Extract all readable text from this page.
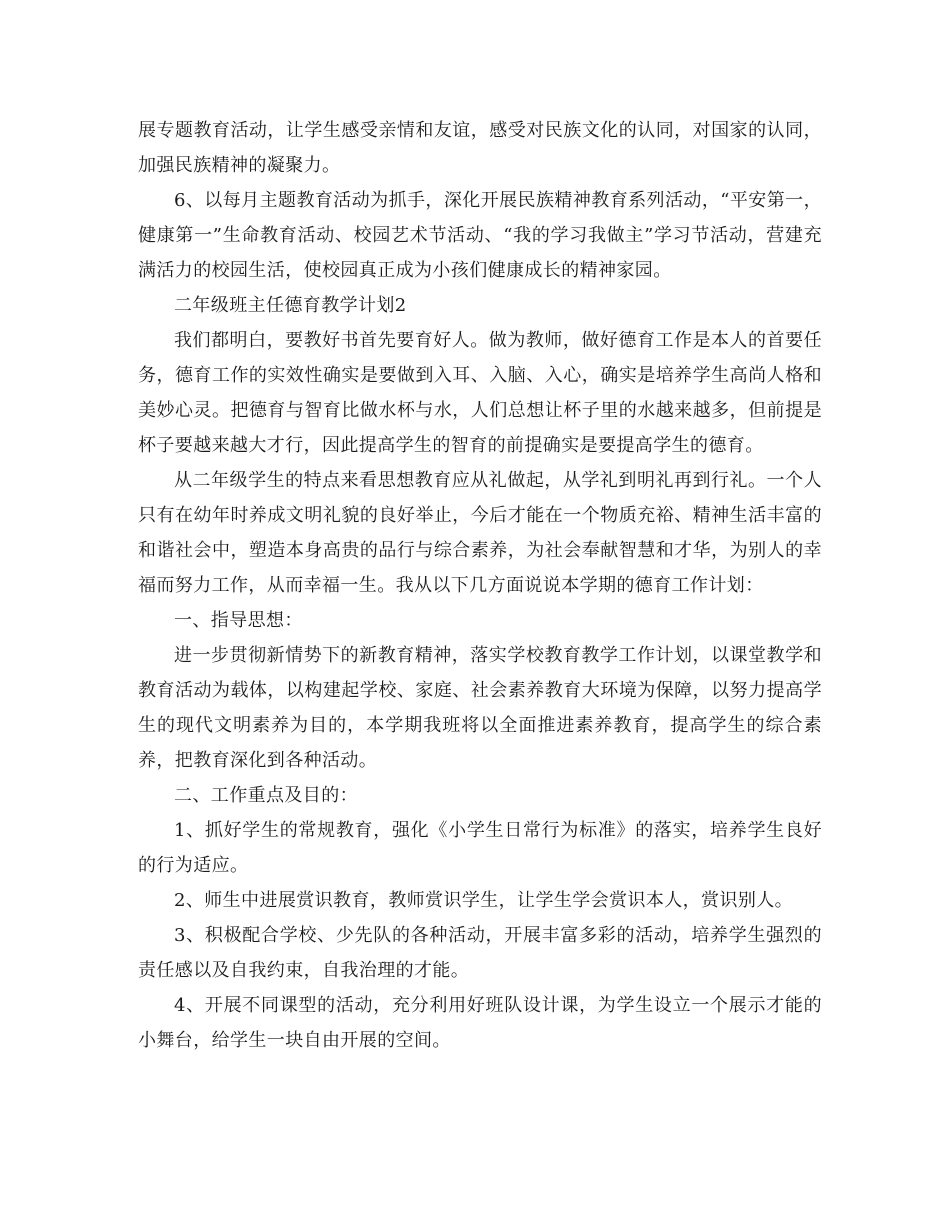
展专题教育活动，让学生感受亲情和友谊，感受对民族文化的认同，对国家的认同，加强民族精神的凝聚力。

6、以每月主题教育活动为抓手，深化开展民族精神教育系列活动，“平安第一，健康第一”生命教育活动、校园艺术节活动、“我的学习我做主”学习节活动，营建充满活力的校园生活，使校园真正成为小孩们健康成长的精神家园。

二年级班主任德育教学计划2

我们都明白，要教好书首先要育好人。做为教师，做好德育工作是本人的首要任务，德育工作的实效性确实是要做到入耳、入脑、入心，确实是培养学生高尚人格和美妙心灵。把德育与智育比做水杯与水，人们总想让杯子里的水越来越多，但前提是杯子要越来越大才行，因此提高学生的智育的前提确实是要提高学生的德育。

从二年级学生的特点来看思想教育应从礼做起，从学礼到明礼再到行礼。一个人只有在幼年时养成文明礼貌的良好举止，今后才能在一个物质充裕、精神生活丰富的和谐社会中，塑造本身高贵的品行与综合素养，为社会奉献智慧和才华，为别人的幸福而努力工作，从而幸福一生。我从以下几方面说说本学期的德育工作计划：

一、指导思想：

进一步贯彻新情势下的新教育精神，落实学校教育教学工作计划，以课堂教学和教育活动为载体，以构建起学校、家庭、社会素养教育大环境为保障，以努力提高学生的现代文明素养为目的，本学期我班将以全面推进素养教育，提高学生的综合素养，把教育深化到各种活动。

二、工作重点及目的：

1、抓好学生的常规教育，强化《小学生日常行为标准》的落实，培养学生良好的行为适应。

2、师生中进展赏识教育，教师赏识学生，让学生学会赏识本人，赏识别人。

3、积极配合学校、少先队的各种活动，开展丰富多彩的活动，培养学生强烈的责任感以及自我约束，自我治理的才能。

4、开展不同课型的活动，充分利用好班队设计课，为学生设立一个展示才能的小舞台，给学生一块自由开展的空间。
